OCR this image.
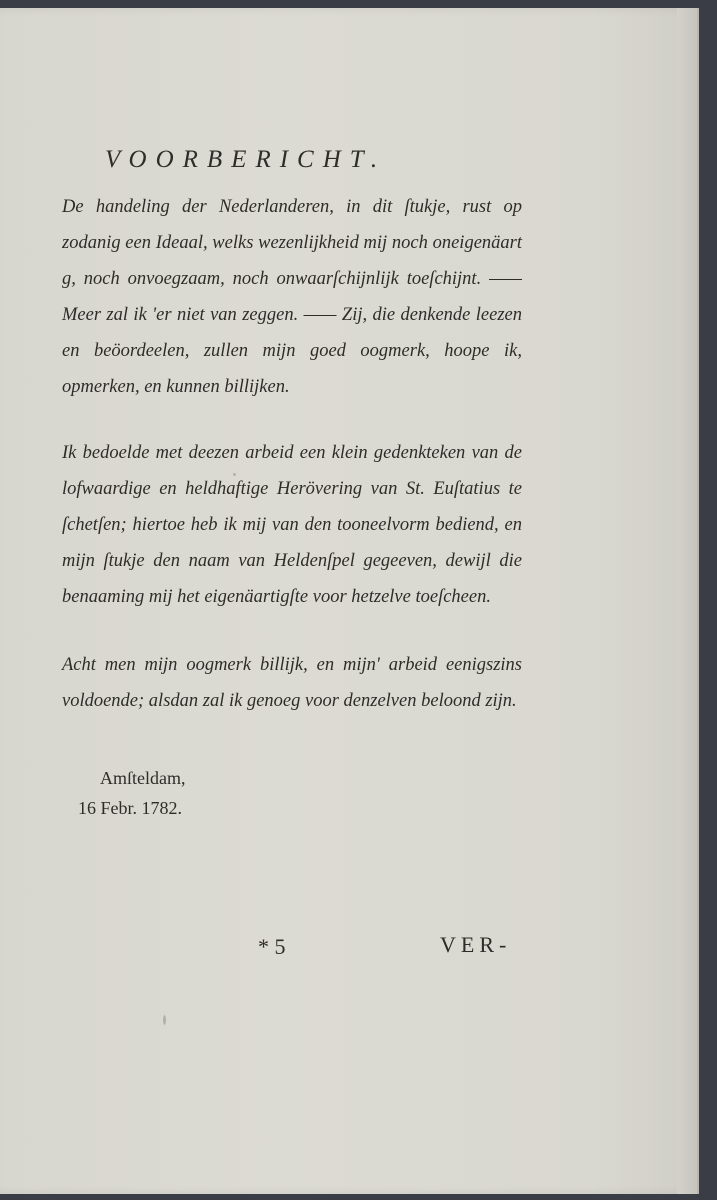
VOORBERICHT.

De handeling der Nederlanderen, in dit ſtukje, rust op zodanig een Ideaal, welks wezenlijkheid mij noch oneigenäart g, noch onvoegzaam, noch onwaarſchijnlijk toeſchijnt. —— Meer zal ik 'er niet van zeggen. —— Zij, die denkende leezen en beöordeelen, zullen mijn goed oogmerk, hoope ik, opmerken, en kunnen billijken.

Ik bedoelde met deezen arbeid een klein gedenkteken van de lofwaardige en heldhaftige Herövering van St. Euſtatius te ſchetſen; hiertoe heb ik mij van den tooneelvorm bediend, en mijn ſtukje den naam van Heldenſpel gegeeven, dewijl die benaaming mij het eigenäartigſte voor hetzelve toeſcheen.

Acht men mijn oogmerk billijk, en mijn' arbeid eenigszins voldoende; alsdan zal ik genoeg voor denzelven beloond zijn.

Amſteldam,

16 Febr. 1782.

* 5	VER-
